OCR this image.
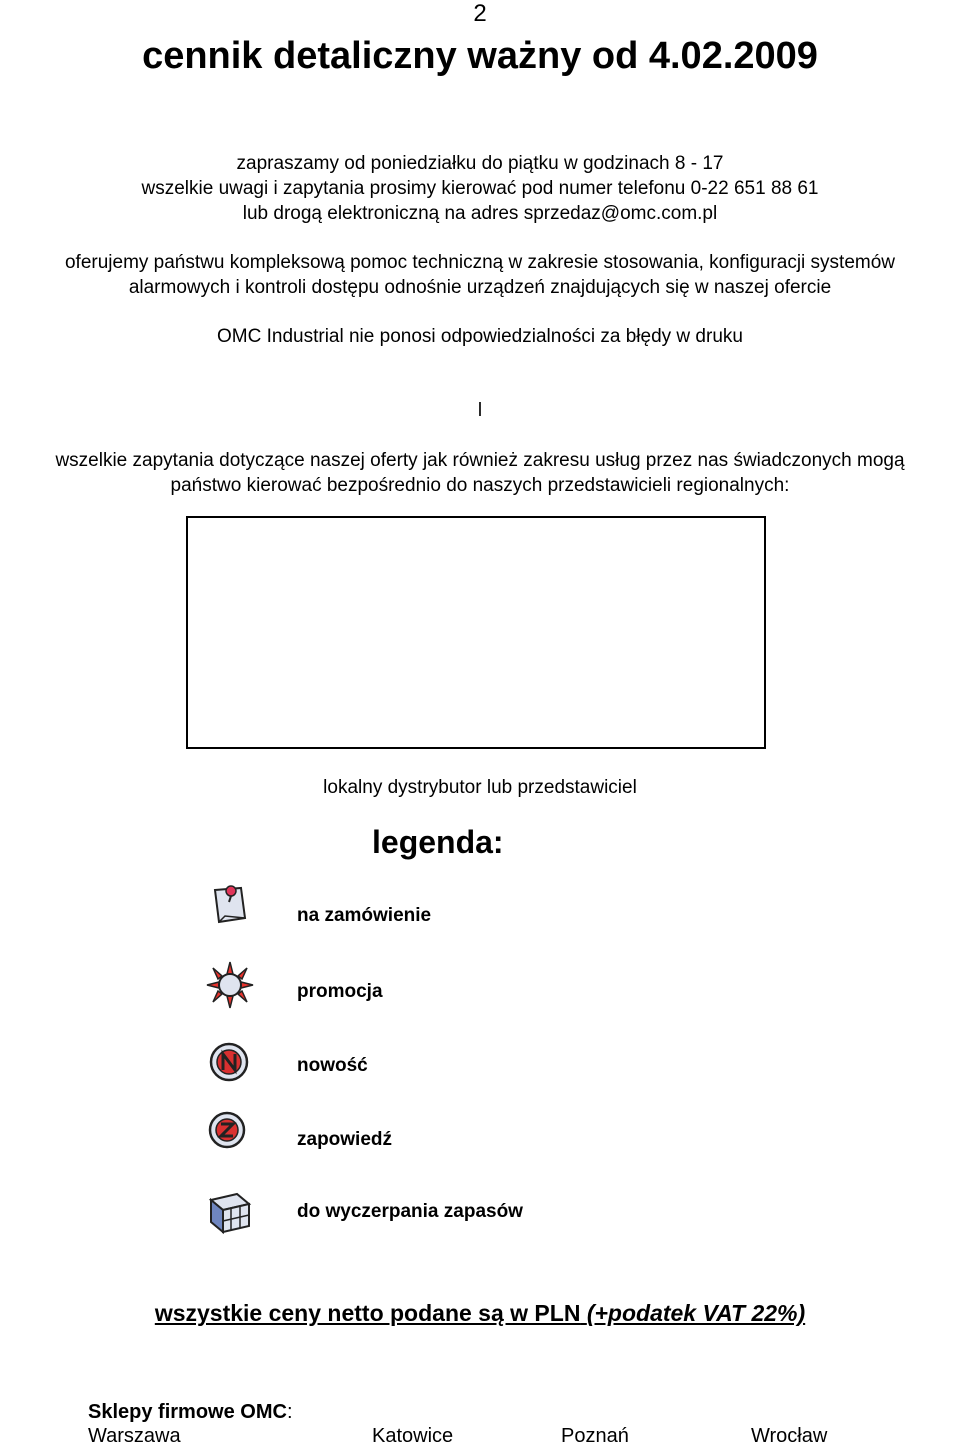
2
cennik detaliczny ważny od 4.02.2009
zapraszamy od poniedziałku do piątku w godzinach 8 - 17
wszelkie uwagi i zapytania prosimy kierować pod numer telefonu 0-22 651 88 61
lub drogą elektroniczną na adres sprzedaz@omc.com.pl
oferujemy państwu kompleksową pomoc techniczną w zakresie stosowania, konfiguracji systemów
alarmowych i kontroli dostępu odnośnie urządzeń znajdujących się w naszej ofercie
OMC Industrial nie ponosi odpowiedzialności za błędy w druku
l
wszelkie zapytania dotyczące naszej oferty jak również zakresu usług przez nas świadczonych mogą
państwo kierować bezpośrednio do naszych przedstawicieli regionalnych:
lokalny dystrybutor lub przedstawiciel
legenda:
na zamówienie
promocja
nowość
zapowiedź
do wyczerpania zapasów
wszystkie ceny netto podane są w PLN (+podatek VAT 22%)
Sklepy firmowe OMC:
Warszawa	Katowice	Poznań	Wrocław
